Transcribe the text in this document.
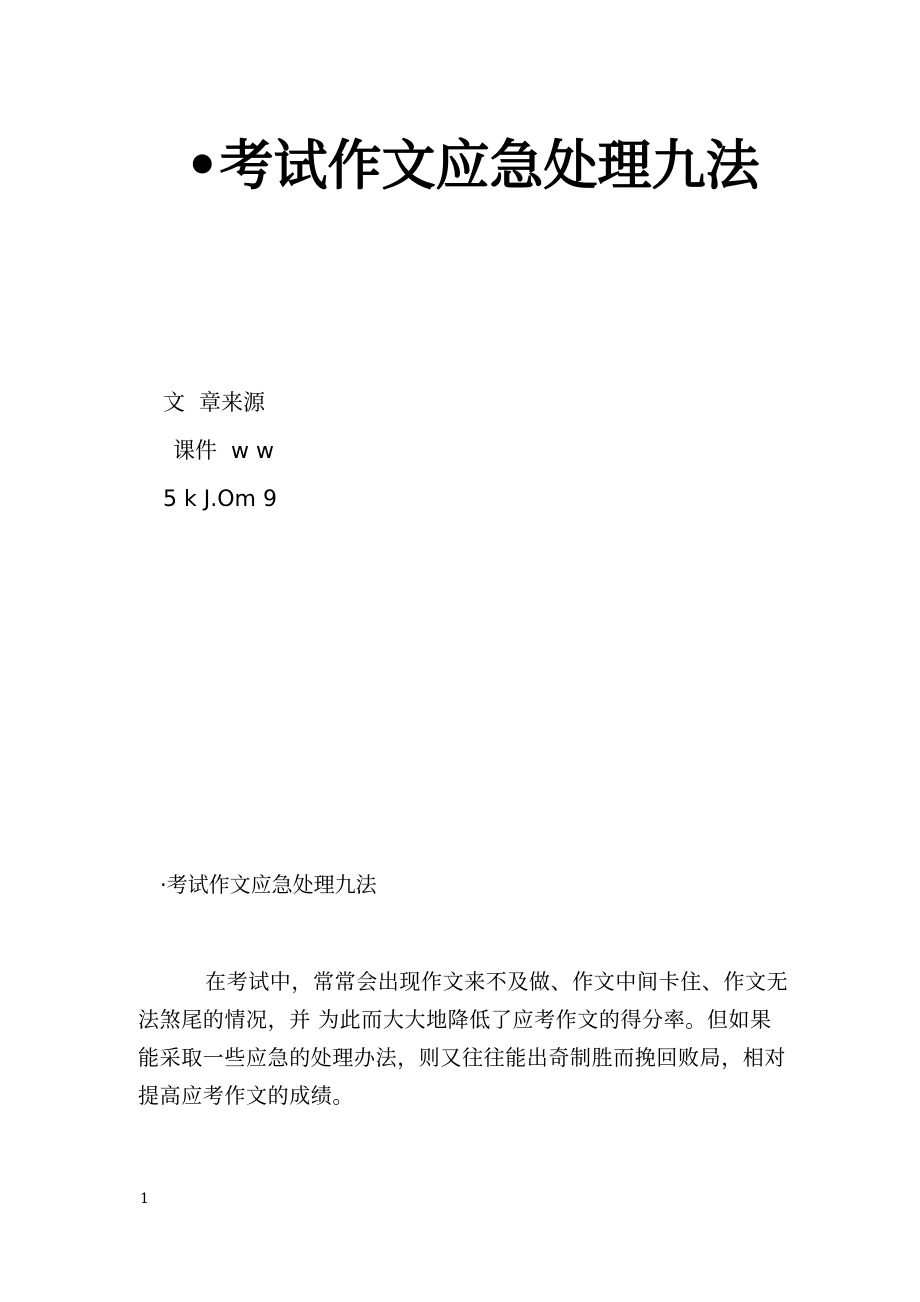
•考试作文应急处理九法
文  章来源
课件  w w
5 k J.Om 9
·考试作文应急处理九法
在考试中，常常会出现作文来不及做、作文中间卡住、作文无
法煞尾的情况，并 为此而大大地降低了应考作文的得分率。但如果
能采取一些应急的处理办法，则又往往能出奇制胜而挽回败局，相对
提高应考作文的成绩。
1
